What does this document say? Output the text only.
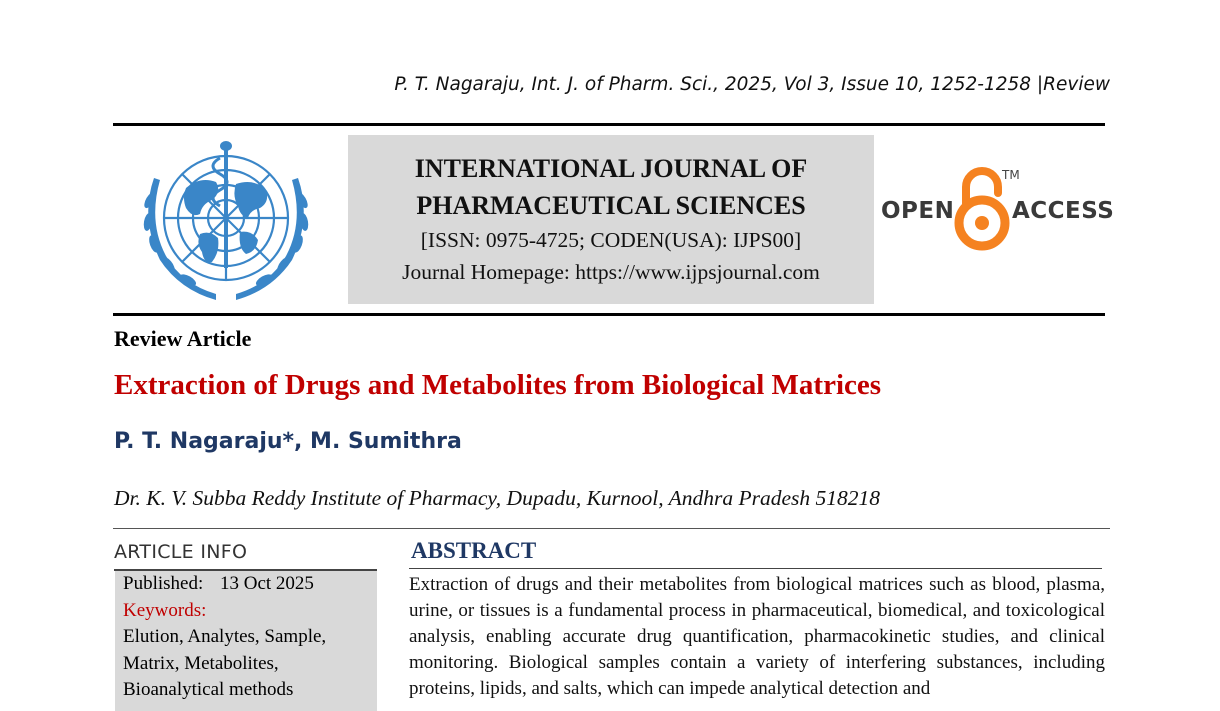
P. T. Nagaraju, Int. J. of Pharm. Sci., 2025, Vol 3, Issue 10, 1252-1258 |Review
INTERNATIONAL JOURNAL OF
PHARMACEUTICAL SCIENCES
[ISSN: 0975-4725; CODEN(USA): IJPS00]
Journal Homepage: https://www.ijpsjournal.com
OPEN
TM
ACCESS
Review Article
Extraction of Drugs and Metabolites from Biological Matrices
P. T. Nagaraju*, M. Sumithra
Dr. K. V. Subba Reddy Institute of Pharmacy, Dupadu, Kurnool, Andhra Pradesh 518218
ARTICLE INFO
Published: 13 Oct 2025
Keywords:
Elution, Analytes, Sample,
Matrix, Metabolites,
Bioanalytical methods
ABSTRACT
Extraction of drugs and their metabolites from biological matrices such as blood, plasma, urine, or tissues is a fundamental process in pharmaceutical, biomedical, and toxicological analysis, enabling accurate drug quantification, pharmacokinetic studies, and clinical monitoring. Biological samples contain a variety of interfering substances, including proteins, lipids, and salts, which can impede analytical detection and
